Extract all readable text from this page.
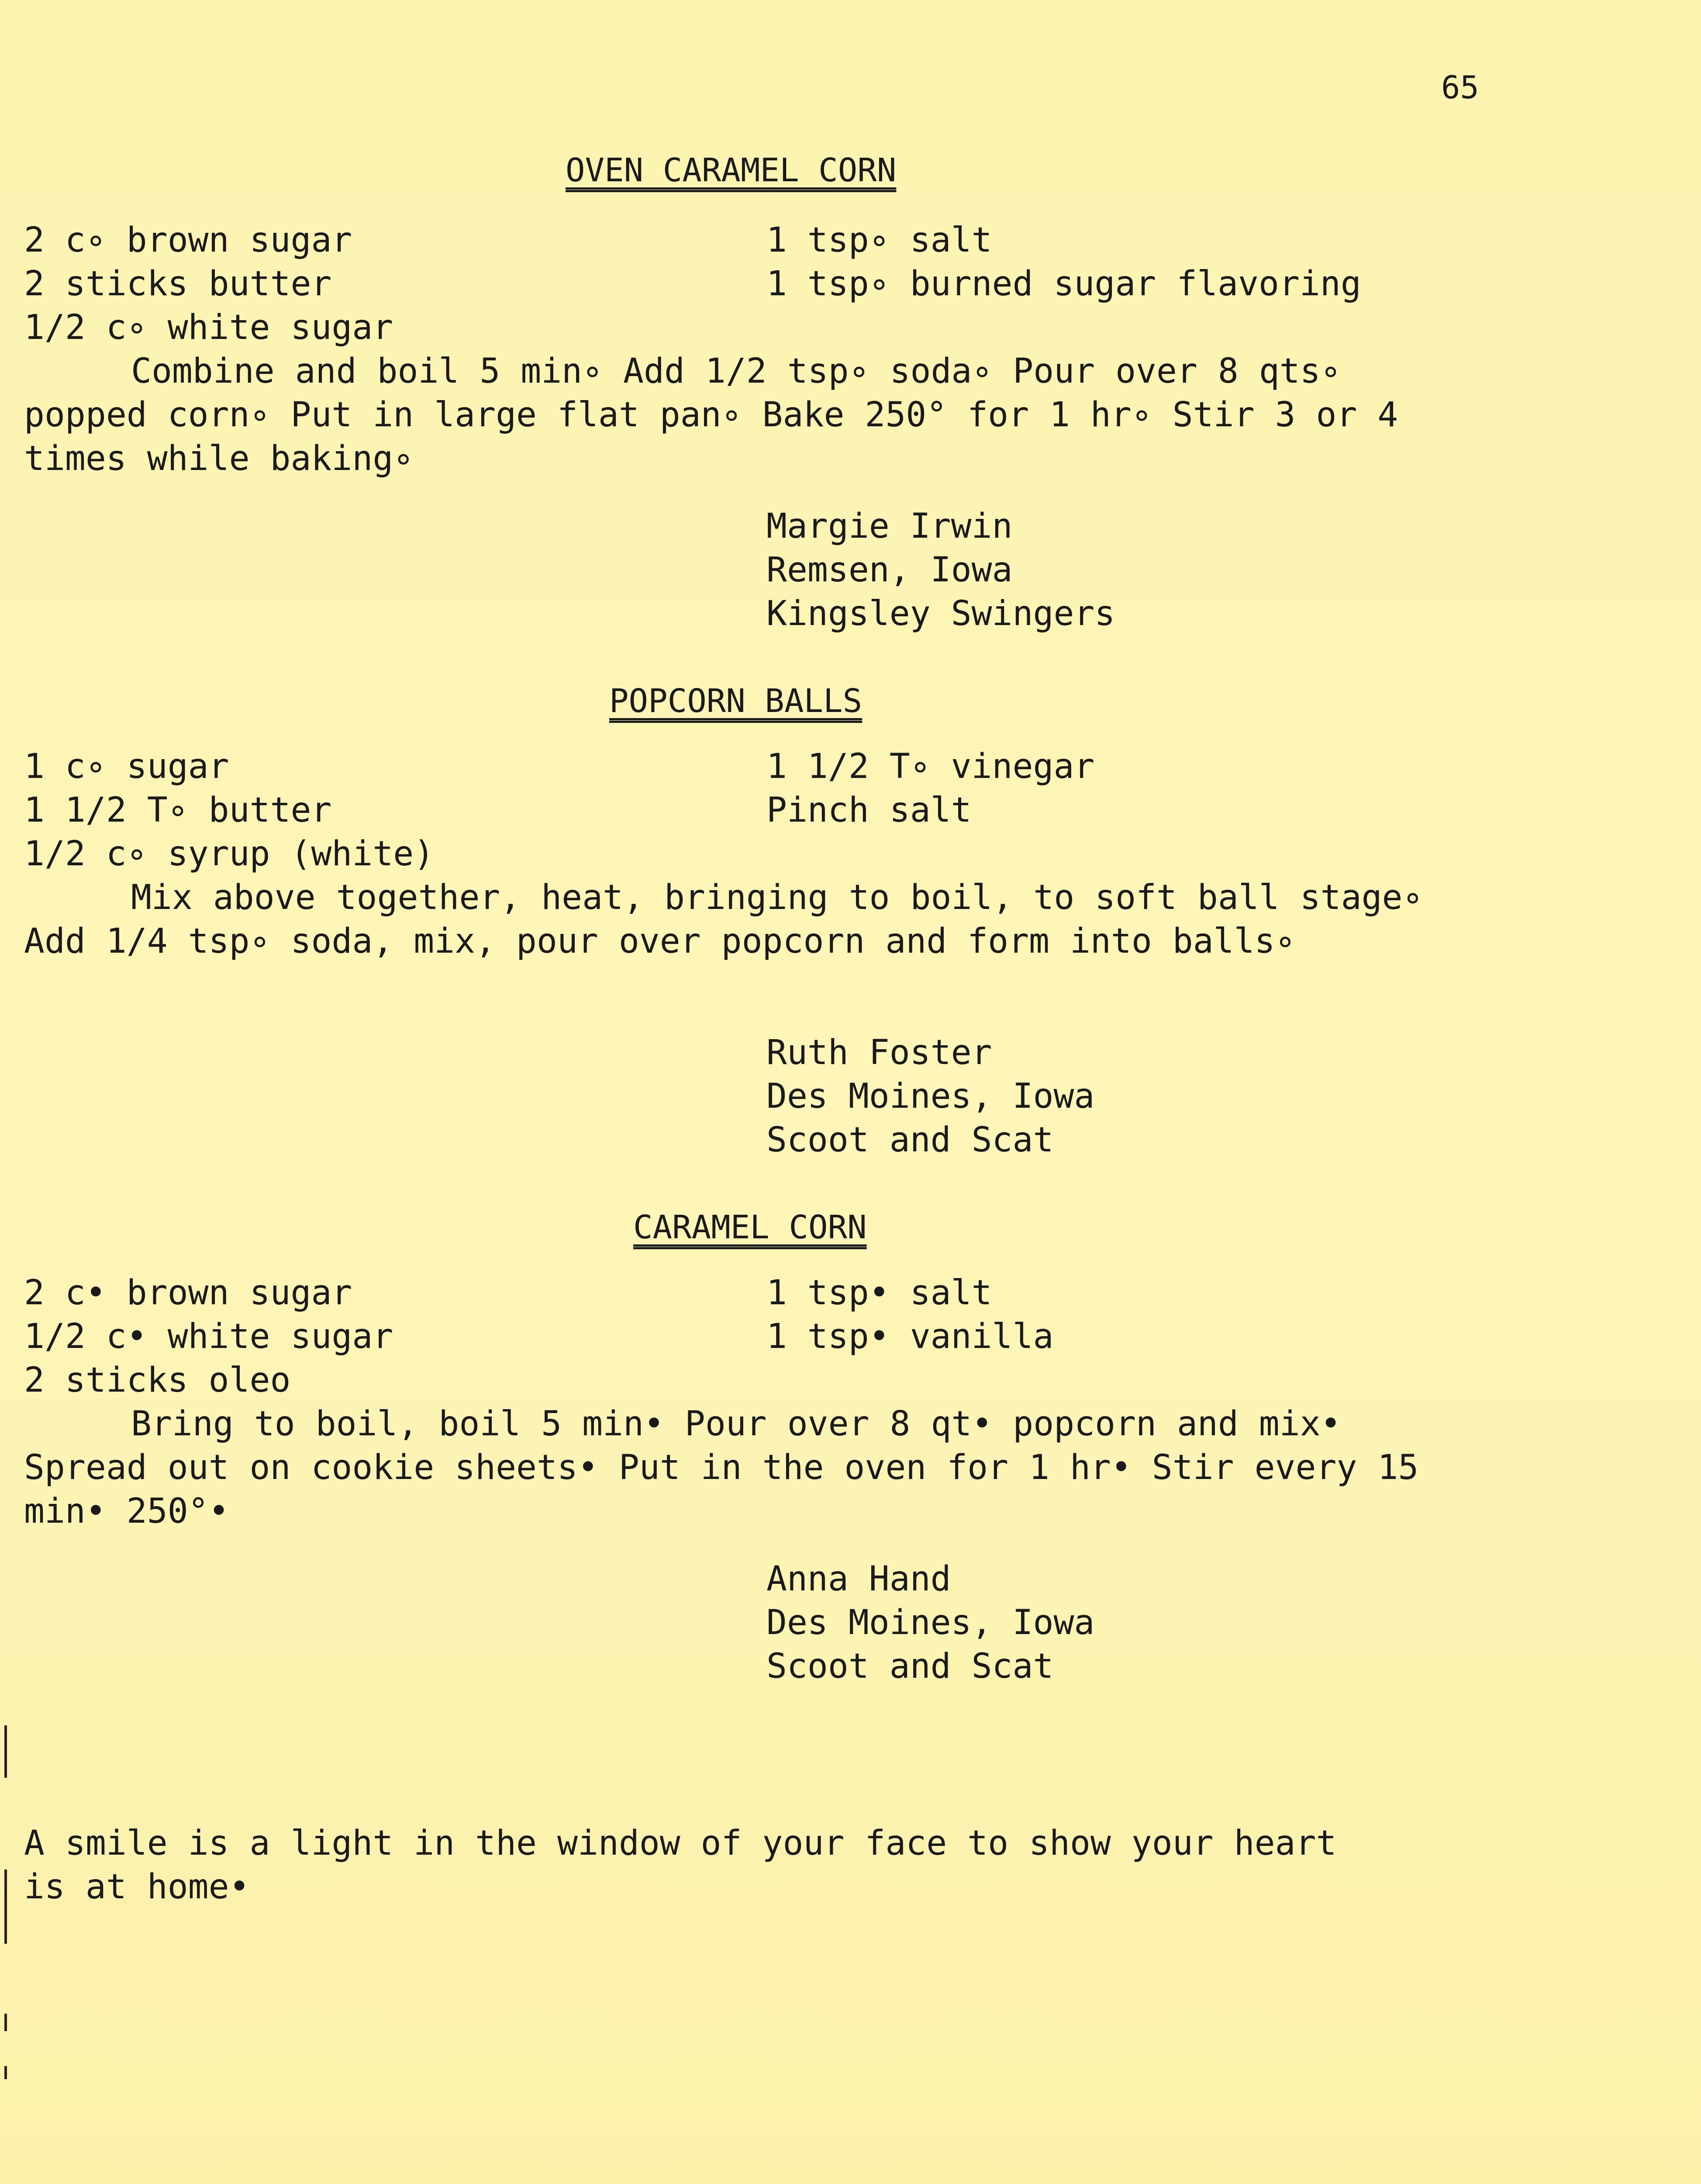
65
OVEN CARAMEL CORN
2 c∘ brown sugar
2 sticks butter
1/2 c∘ white sugar
1 tsp∘ salt
1 tsp∘ burned sugar flavoring
Combine and boil 5 min∘ Add 1/2 tsp∘ soda∘ Pour over 8 qts∘ popped corn∘ Put in large flat pan∘ Bake 250° for 1 hr∘ Stir 3 or 4 times while baking∘
Margie Irwin
Remsen, Iowa
Kingsley Swingers
POPCORN BALLS
1 c∘ sugar
1 1/2 T∘ butter
1/2 c∘ syrup (white)
1 1/2 T∘ vinegar
Pinch salt
Mix above together, heat, bringing to boil, to soft ball stage∘ Add 1/4 tsp∘ soda, mix, pour over popcorn and form into balls∘
Ruth Foster
Des Moines, Iowa
Scoot and Scat
CARAMEL CORN
2 c• brown sugar
1/2 c• white sugar
2 sticks oleo
1 tsp• salt
1 tsp• vanilla
Bring to boil, boil 5 min• Pour over 8 qt• popcorn and mix• Spread out on cookie sheets• Put in the oven for 1 hr• Stir every 15 min• 250°•
Anna Hand
Des Moines, Iowa
Scoot and Scat
A smile is a light in the window of your face to show your heart is at home•
